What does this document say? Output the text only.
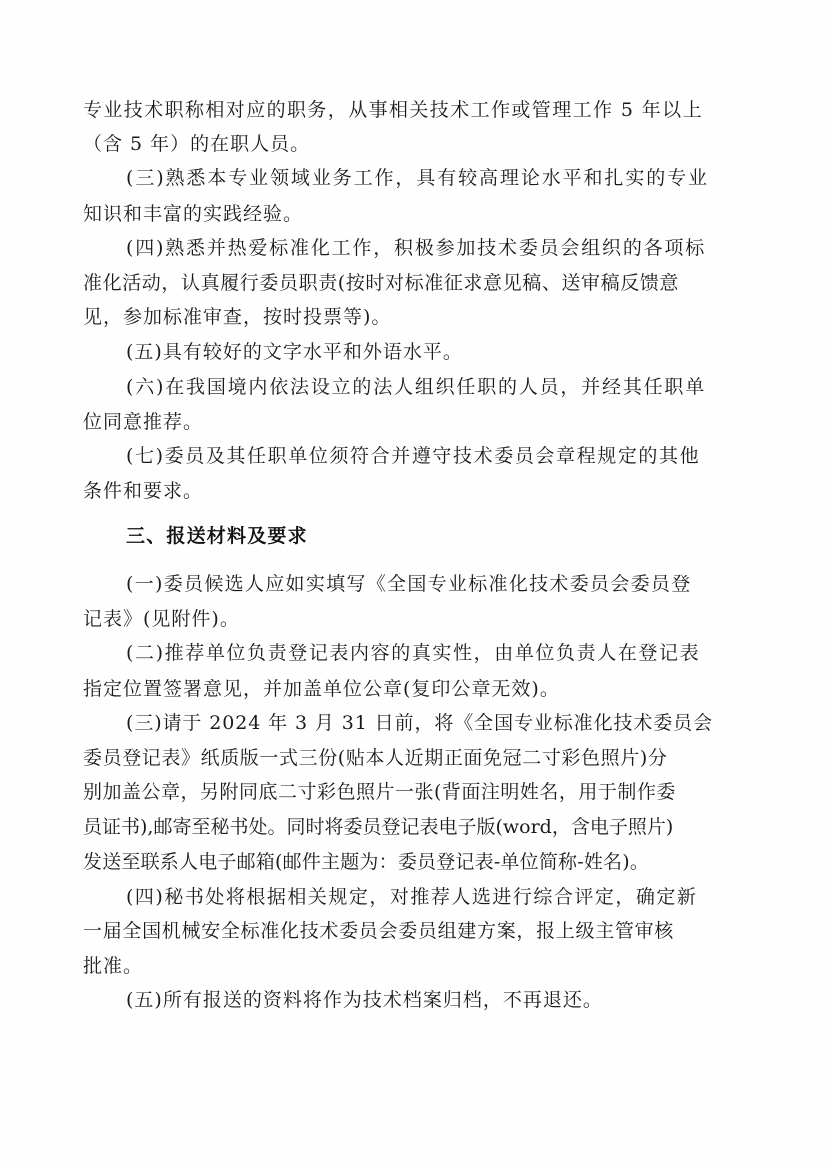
专业技术职称相对应的职务，从事相关技术工作或管理工作 5 年以上
（含 5 年）的在职人员。
(三)熟悉本专业领域业务工作，具有较高理论水平和扎实的专业
知识和丰富的实践经验。
(四)熟悉并热爱标准化工作，积极参加技术委员会组织的各项标
准化活动，认真履行委员职责(按时对标准征求意见稿、送审稿反馈意
见，参加标准审查，按时投票等)。
(五)具有较好的文字水平和外语水平。
(六)在我国境内依法设立的法人组织任职的人员，并经其任职单
位同意推荐。
(七)委员及其任职单位须符合并遵守技术委员会章程规定的其他
条件和要求。
三、报送材料及要求
(一)委员候选人应如实填写《全国专业标准化技术委员会委员登
记表》(见附件)。
(二)推荐单位负责登记表内容的真实性，由单位负责人在登记表
指定位置签署意见，并加盖单位公章(复印公章无效)。
(三)请于 2024 年 3 月 31 日前，将《全国专业标准化技术委员会
委员登记表》纸质版一式三份(贴本人近期正面免冠二寸彩色照片)分
别加盖公章，另附同底二寸彩色照片一张(背面注明姓名，用于制作委
员证书),邮寄至秘书处。同时将委员登记表电子版(word，含电子照片)
发送至联系人电子邮箱(邮件主题为：委员登记表-单位简称-姓名)。
(四)秘书处将根据相关规定，对推荐人选进行综合评定，确定新
一届全国机械安全标准化技术委员会委员组建方案，报上级主管审核
批准。
(五)所有报送的资料将作为技术档案归档，不再退还。
